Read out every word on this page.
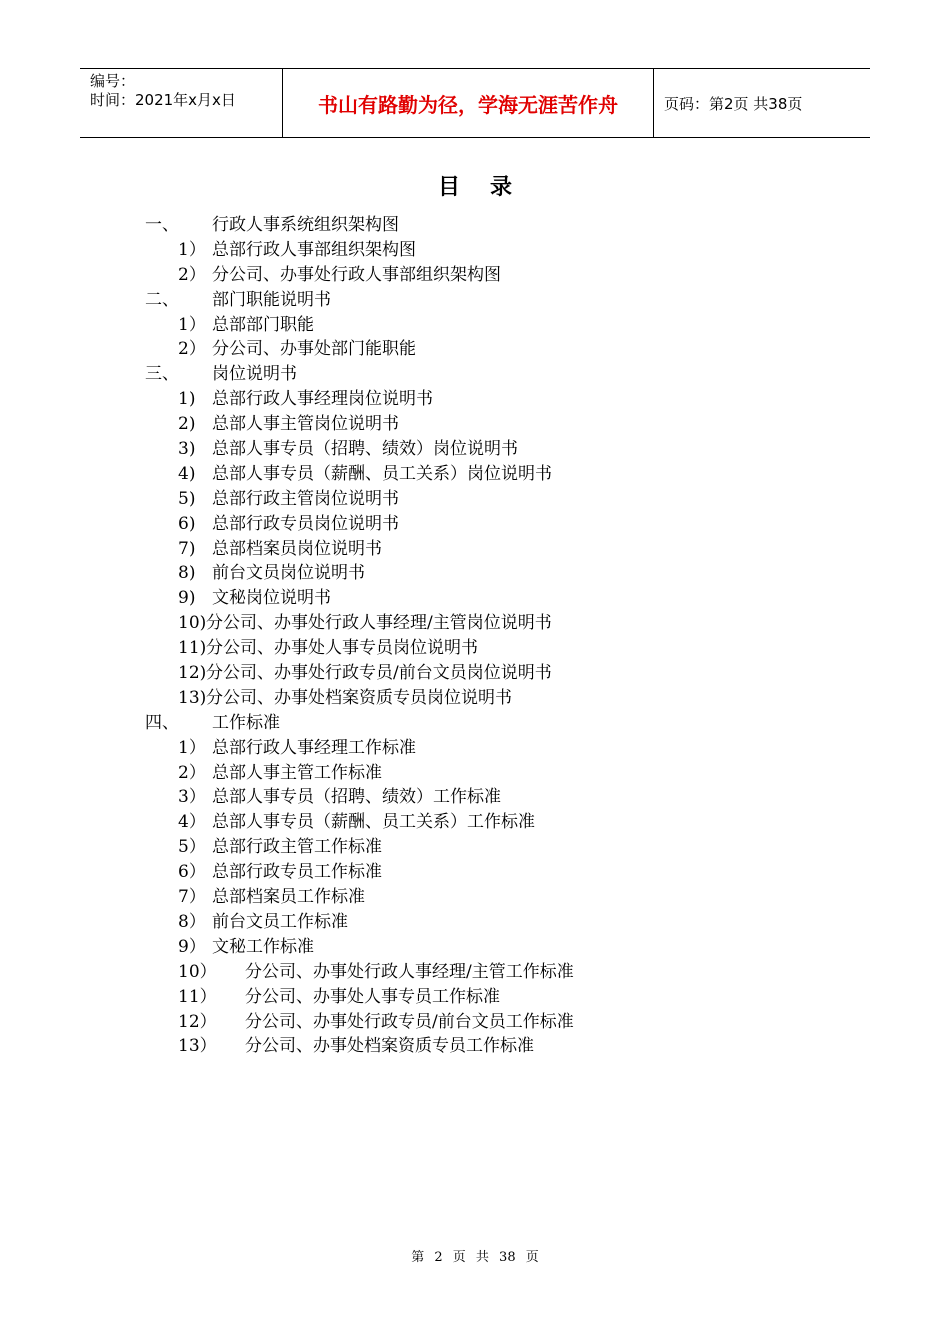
编号：
时间：2021年x月x日	书山有路勤为径，学海无涯苦作舟	页码：第2页 共38页
目录
一、 行政人事系统组织架构图
1） 总部行政人事部组织架构图
2） 分公司、办事处行政人事部组织架构图
二、 部门职能说明书
1） 总部部门职能
2） 分公司、办事处部门能职能
三、 岗位说明书
1) 总部行政人事经理岗位说明书
2) 总部人事主管岗位说明书
3) 总部人事专员（招聘、绩效）岗位说明书
4) 总部人事专员（薪酬、员工关系）岗位说明书
5) 总部行政主管岗位说明书
6) 总部行政专员岗位说明书
7) 总部档案员岗位说明书
8) 前台文员岗位说明书
9) 文秘岗位说明书
10) 分公司、办事处行政人事经理/主管岗位说明书
11) 分公司、办事处人事专员岗位说明书
12) 分公司、办事处行政专员/前台文员岗位说明书
13) 分公司、办事处档案资质专员岗位说明书
四、 工作标准
1） 总部行政人事经理工作标准
2） 总部人事主管工作标准
3） 总部人事专员（招聘、绩效）工作标准
4） 总部人事专员（薪酬、员工关系）工作标准
5） 总部行政主管工作标准
6） 总部行政专员工作标准
7） 总部档案员工作标准
8） 前台文员工作标准
9） 文秘工作标准
10） 分公司、办事处行政人事经理/主管工作标准
11） 分公司、办事处人事专员工作标准
12） 分公司、办事处行政专员/前台文员工作标准
13） 分公司、办事处档案资质专员工作标准
第 2 页 共 38 页
